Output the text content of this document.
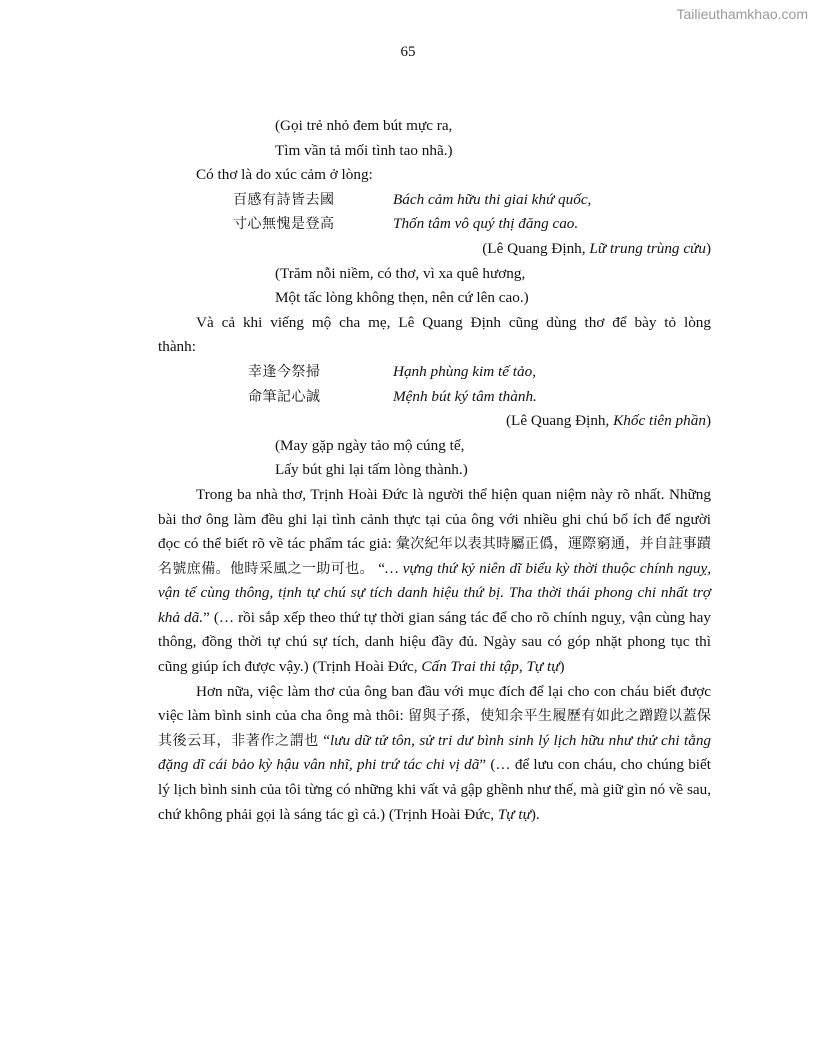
Tailieuthamkhao.com
65
(Gọi trẻ nhỏ đem bút mực ra,
Tìm vần tả mối tình tao nhã.)
Có thơ là do xúc cảm ở lòng:
百感有詩皆去國	Bách cảm hữu thi giai khứ quốc,
寸心無愧是登高	Thốn tâm vô quý thị đăng cao.
(Lê Quang Định, Lữ trung trùng cửu)
(Trăm nỗi niềm, có thơ, vì xa quê hương,
Một tấc lòng không thẹn, nên cứ lên cao.)
Và cả khi viếng mộ cha mẹ, Lê Quang Định cũng dùng thơ để bày tỏ lòng
thành:
幸逢今祭掃	Hạnh phùng kim tế tảo,
命筆記心誠	Mệnh bút ký tâm thành.
(Lê Quang Định, Khốc tiên phần)
(May gặp ngày tảo mộ cúng tế,
Lấy bút ghi lại tấm lòng thành.)
Trong ba nhà thơ, Trịnh Hoài Đức là người thể hiện quan niệm này rõ nhất. Những bài thơ ông làm đều ghi lại tình cảnh thực tại của ông với nhiều ghi chú bổ ích để người đọc có thể biết rõ về tác phẩm tác giả: 彙次紀年以表其時屬正僞，運際窮通，并自註事蹟名號庶備。他時采風之一助可也。 “… vựng thứ kỷ niên dĩ biểu kỳ thời thuộc chính nguỵ, vận tế cùng thông, tịnh tự chú sự tích danh hiệu thứ bị. Tha thời thái phong chi nhất trợ khả dã.” (… rồi sắp xếp theo thứ tự thời gian sáng tác để cho rõ chính nguỵ, vận cùng hay thông, đồng thời tự chú sự tích, danh hiệu đầy đủ. Ngày sau có góp nhặt phong tục thì cũng giúp ích được vậy.) (Trịnh Hoài Đức, Cấn Trai thi tập, Tự tự)
Hơn nữa, việc làm thơ của ông ban đầu với mục đích để lại cho con cháu biết được việc làm bình sinh của cha ông mà thôi: 留與子孫，使知余平生履歷有如此之蹭蹬以蓋保其後云耳，非著作之謂也 “lưu dữ tử tôn, sử tri dư bình sinh lý lịch hữu như thử chi tằng đặng dĩ cái bảo kỳ hậu vân nhĩ, phi trứ tác chi vị dã” (… để lưu con cháu, cho chúng biết lý lịch bình sinh của tôi từng có những khi vất vả gập ghềnh như thế, mà giữ gìn nó về sau, chứ không phải gọi là sáng tác gì cả.) (Trịnh Hoài Đức, Tự tự).
